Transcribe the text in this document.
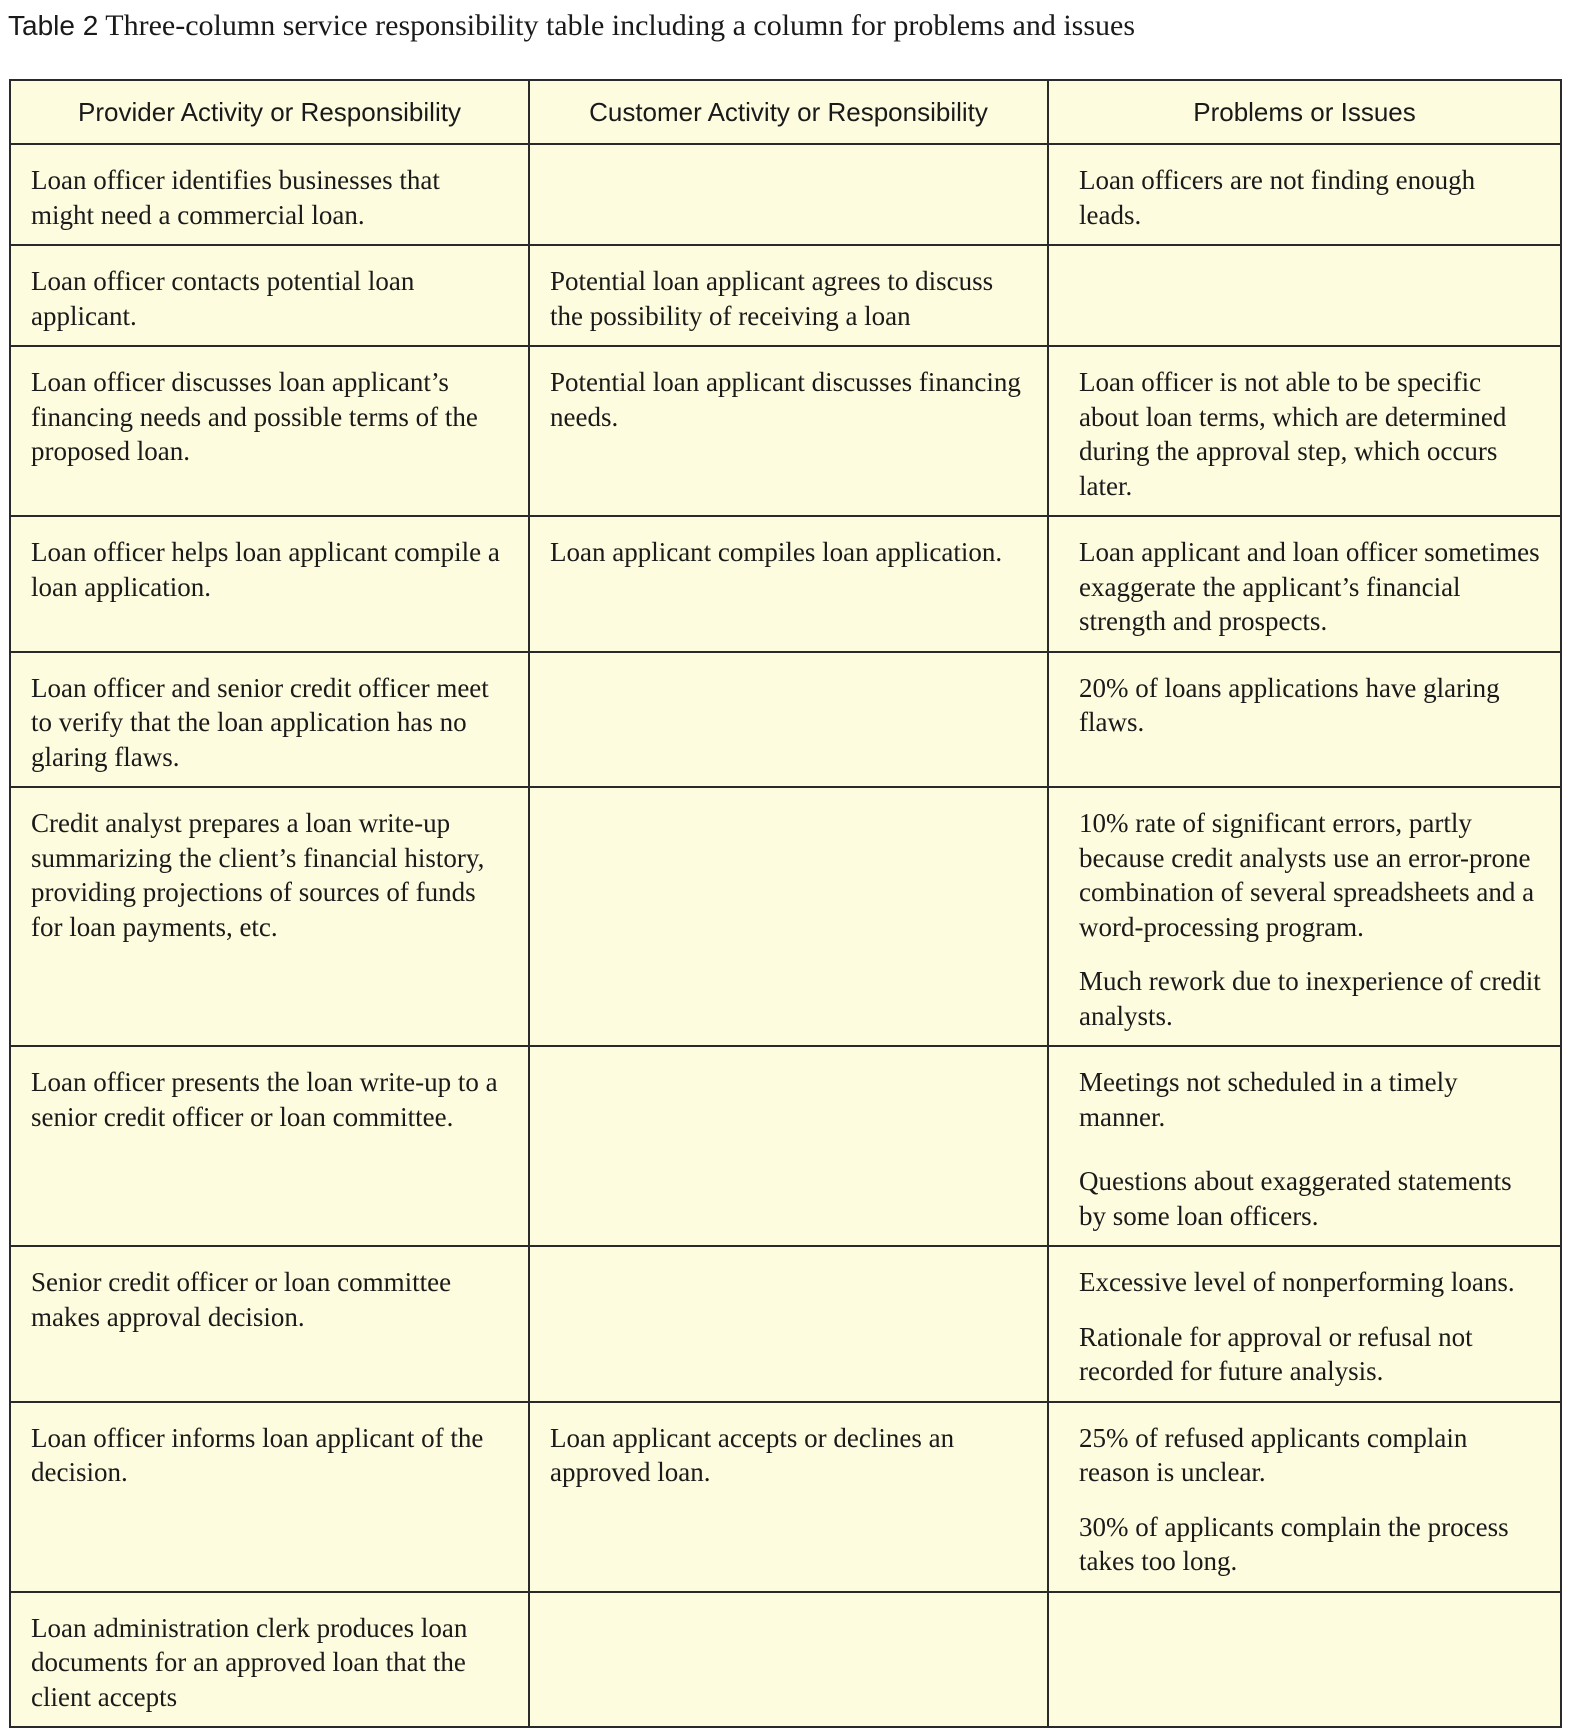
Table 2 Three-column service responsibility table including a column for problems and issues
Provider Activity or Responsibility	Customer Activity or Responsibility	Problems or Issues
Loan officer identifies businesses that might need a commercial loan.		Loan officers are not finding enough leads.

Loan officer contacts potential loan applicant.	Potential loan applicant agrees to discuss the possibility of receiving a loan	
Loan officer discusses loan applicant’s financing needs and possible terms of the proposed loan.	Potential loan applicant discusses financing needs.	Loan officer is not able to be specific about loan terms, which are determined during the approval step, which occurs later.

Loan officer helps loan applicant compile a loan application.	Loan applicant compiles loan application.	Loan applicant and loan officer sometimes exaggerate the applicant’s financial strength and prospects.

Loan officer and senior credit officer meet to verify that the loan application has no glaring flaws.		20% of loans applications have glaring flaws.

Credit analyst prepares a loan write-up summarizing the client’s financial history, providing projections of sources of funds for loan payments, etc.		10% rate of significant errors, partly because credit analysts use an error-prone combination of several spreadsheets and a word-processing program.

Much rework due to inexperience of credit analysts.

Loan officer presents the loan write-up to a senior credit officer or loan committee.		Meetings not scheduled in a timely manner.

Questions about exaggerated statements by some loan officers.

Senior credit officer or loan committee makes approval decision.		Excessive level of nonperforming loans.

Rationale for approval or refusal not recorded for future analysis.

Loan officer informs loan applicant of the decision.	Loan applicant accepts or declines an approved loan.	25% of refused applicants complain reason is unclear.

30% of applicants complain the process takes too long.

Loan administration clerk produces loan documents for an approved loan that the client accepts		
